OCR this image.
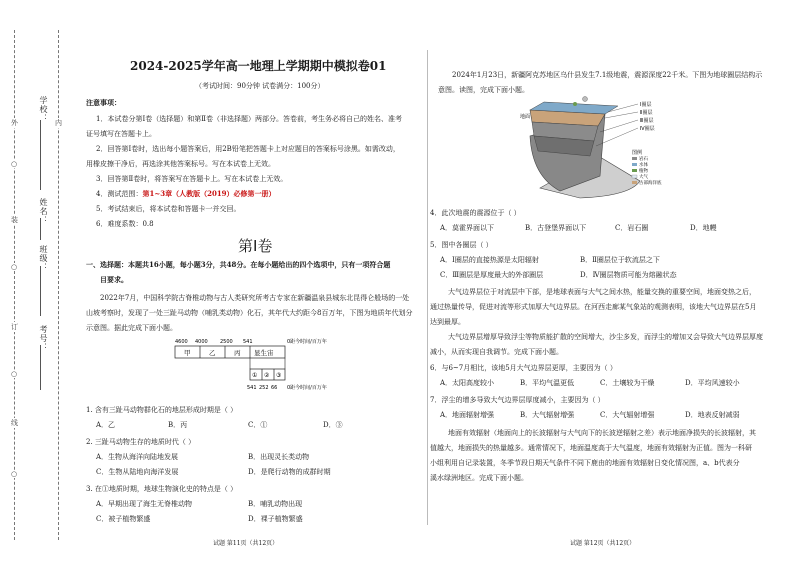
学校：
姓名：
班级：
考号：
外	内
○
装
○
订
○
线
○
2024-2025学年高一地理上学期期中模拟卷01
（考试时间：90分钟 试卷满分：100分）
注意事项：
1．本试卷分第Ⅰ卷（选择题）和第Ⅱ卷（非选择题）两部分。答卷前，考生务必将自己的姓名、准考
证号填写在答题卡上。
2．回答第Ⅰ卷时，选出每小题答案后，用2B铅笔把答题卡上对应题目的答案标号涂黑。如需改动，
用橡皮擦干净后，再选涂其他答案标号。写在本试卷上无效。
3．回答第Ⅱ卷时，将答案写在答题卡上。写在本试卷上无效。
4．测试范围：第1~3章（人教版（2019）必修第一册）
5．考试结束后，将本试卷和答题卡一并交回。
6．难度系数：0.8
第Ⅰ卷
一、选择题：本题共16小题，每小题3分，共48分。在每小题给出的四个选项中，只有一项符合题
目要求。
2022年7月，中国科学院古脊椎动物与古人类研究所考古专家在新疆温泉县城东北昆得仑般场的一处
山坡考察时，发现了一处三趾马动物（哺乳类动物）化石，其年代大约距今8百万年，下图为地质年代划分
示意图。据此完成下面小题。
4600 4000 2500 541	0距今时间/百万年
甲	乙	丙 显生宙
① ② ③
541 252 66 0距今时间/百万年
1. 含有三趾马动物群化石的地层形成时期是（ ）
A．乙	B．丙	C．①	D．③
2. 三趾马动物生存的地质时代（ ）
A．生物从海洋向陆地发展	B．出现灵长类动物
C．生物从陆地向海洋发展	D．是爬行动物的成群时期
3. 在①地质时期，地球生物演化史的特点是（ ）
A．早期出现了海生无脊椎动物	B．哺乳动物出现
C．被子植物繁盛	D．裸子植物繁盛
试题 第11页（共12页）
2024年1月23日，新疆阿克苏地区乌什县发生7.1级地震，震源深度22千米。下图为地球圈层结构示
意图。读图，完成下面小题。
Ⅰ圈层
Ⅱ圈层
Ⅲ圈层
Ⅳ圈层
地面
图例
岩石
水体
植物
大气
古部海洋底
4．此次地震的震源位于（ ）
A．莫霍界面以下	B．古登堡界面以下	C．岩石圈	D．地幔
5．图中各圈层（ ）
A．Ⅰ圈层的直接热源是太阳辐射	B．Ⅱ圈层位于软流层之下
C．Ⅲ圈层是厚度最大的外部圈层	D．Ⅳ圈层物质可能为熔融状态
大气边界层位于对流层中下部，是地球表面与大气之间水热，能量交换的重要空间，地面变热之后，
通过热量传导，促进对流等形式加厚大气边界层。在河西走廊某气象站的观测表明，该地大气边界层在5月
达到最厚。
大气边界层增厚导致浮尘等物质能扩散的空间增大，沙尘多发，而浮尘的增加又会导致大气边界层厚度
减小，从而实现自我调节。完成下面小题。
6．与6~7月相比，该地5月大气边界层更厚，主要因为（ ）
A．太阳高度较小	B．平均气温更低	C．土壤较为干燥	D．平均风速较小
7．浮尘的增多导致大气边界层厚度减小，主要因为（ ）
A．地面辐射增强	B．大气辐射增强	C．大气辐射增强	D．地表反射减弱
地面有效辐射（地面向上的长波辐射与大气向下的长波逆辐射之差）表示地面净损失的长波辐射，其
值越大，地面损失的热量越多。通常情况下，地面温度高于大气温度，地面有效辐射为正值。图为一科研
小组利用自记录装置，冬季节段日期天气条件不同下鹿由的地面有效辐射日变化情况图，a、b代表分
溪水绿洲地区。完成下面小题。
试题 第12页（共12页）
